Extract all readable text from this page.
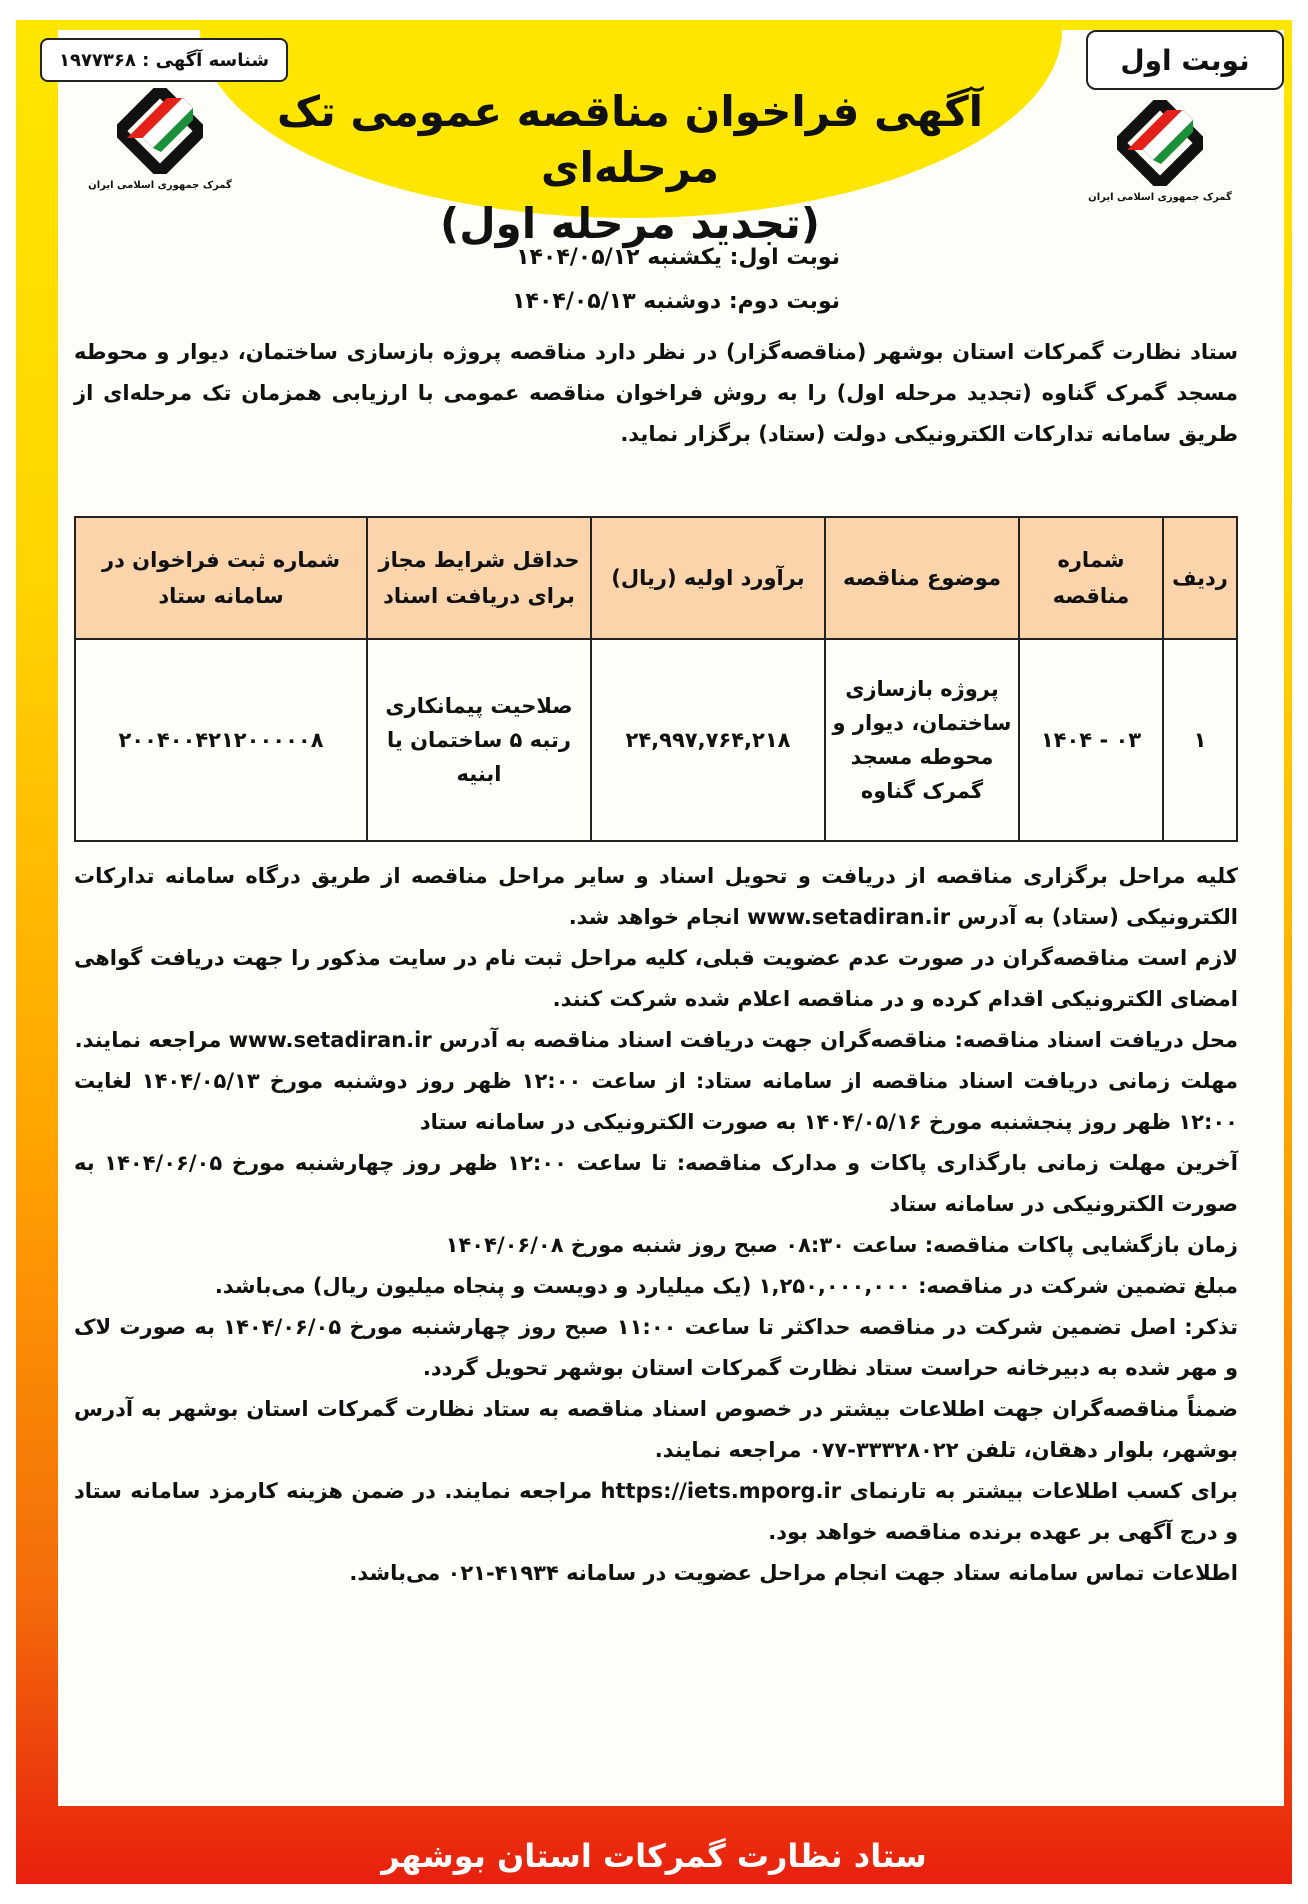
شناسه آگهی : ۱۹۷۷۳۶۸	نوبت اول
آگهی فراخوان مناقصه عمومی تک مرحله‌ای
(تجدید مرحله اول)
گمرک جمهوری اسلامی ایران
گمرک جمهوری اسلامی ایران
نوبت اول: یکشنبه ۱۴۰۴/۰۵/۱۲
نوبت دوم: دوشنبه ۱۴۰۴/۰۵/۱۳
ستاد نظارت گمرکات استان بوشهر (مناقصه‌گزار) در نظر دارد مناقصه پروژه بازسازی ساختمان، دیوار و محوطه مسجد گمرک گناوه (تجدید مرحله اول) را به روش فراخوان مناقصه عمومی با ارزیابی همزمان تک مرحله‌ای از طریق سامانه تدارکات الکترونیکی دولت (ستاد) برگزار نماید.
ردیف	شماره مناقصه	موضوع مناقصه	برآورد اولیه (ریال)	حداقل شرایط مجاز برای دریافت اسناد	شماره ثبت فراخوان در سامانه ستاد
۱	۰۳ - ۱۴۰۴	پروژه بازسازی ساختمان، دیوار و محوطه مسجد گمرک گناوه	۲۴,۹۹۷,۷۶۴,۲۱۸	صلاحیت پیمانکاری رتبه ۵ ساختمان یا ابنیه	۲۰۰۴۰۰۴۲۱۲۰۰۰۰۰۸
کلیه مراحل برگزاری مناقصه از دریافت و تحویل اسناد و سایر مراحل مناقصه از طریق درگاه سامانه تدارکات الکترونیکی (ستاد) به آدرس www.setadiran.ir انجام خواهد شد.
لازم است مناقصه‌گران در صورت عدم عضویت قبلی، کلیه مراحل ثبت نام در سایت مذکور را جهت دریافت گواهی امضای الکترونیکی اقدام کرده و در مناقصه اعلام شده شرکت کنند.
محل دریافت اسناد مناقصه: مناقصه‌گران جهت دریافت اسناد مناقصه به آدرس www.setadiran.ir مراجعه نمایند.
مهلت زمانی دریافت اسناد مناقصه از سامانه ستاد: از ساعت ۱۲:۰۰ ظهر روز دوشنبه مورخ ۱۴۰۴/۰۵/۱۳ لغایت ۱۲:۰۰ ظهر روز پنجشنبه مورخ ۱۴۰۴/۰۵/۱۶ به صورت الکترونیکی در سامانه ستاد
آخرین مهلت زمانی بارگذاری پاکات و مدارک مناقصه: تا ساعت ۱۲:۰۰ ظهر روز چهارشنبه مورخ ۱۴۰۴/۰۶/۰۵ به صورت الکترونیکی در سامانه ستاد
زمان بازگشایی پاکات مناقصه: ساعت ۰۸:۳۰ صبح روز شنبه مورخ ۱۴۰۴/۰۶/۰۸
مبلغ تضمین شرکت در مناقصه: ۱,۲۵۰,۰۰۰,۰۰۰ (یک میلیارد و دویست و پنجاه میلیون ریال) می‌باشد.
تذکر: اصل تضمین شرکت در مناقصه حداکثر تا ساعت ۱۱:۰۰ صبح روز چهارشنبه مورخ ۱۴۰۴/۰۶/۰۵ به صورت لاک و مهر شده به دبیرخانه حراست ستاد نظارت گمرکات استان بوشهر تحویل گردد.
ضمناً مناقصه‌گران جهت اطلاعات بیشتر در خصوص اسناد مناقصه به ستاد نظارت گمرکات استان بوشهر به آدرس بوشهر، بلوار دهقان، تلفن ۳۳۳۲۸۰۲۲-۰۷۷ مراجعه نمایند.
برای کسب اطلاعات بیشتر به تارنمای https://iets.mporg.ir مراجعه نمایند. در ضمن هزینه کارمزد سامانه ستاد و درج آگهی بر عهده برنده مناقصه خواهد بود.
اطلاعات تماس سامانه ستاد جهت انجام مراحل عضویت در سامانه ۴۱۹۳۴-۰۲۱ می‌باشد.
ستاد نظارت گمرکات استان بوشهر
